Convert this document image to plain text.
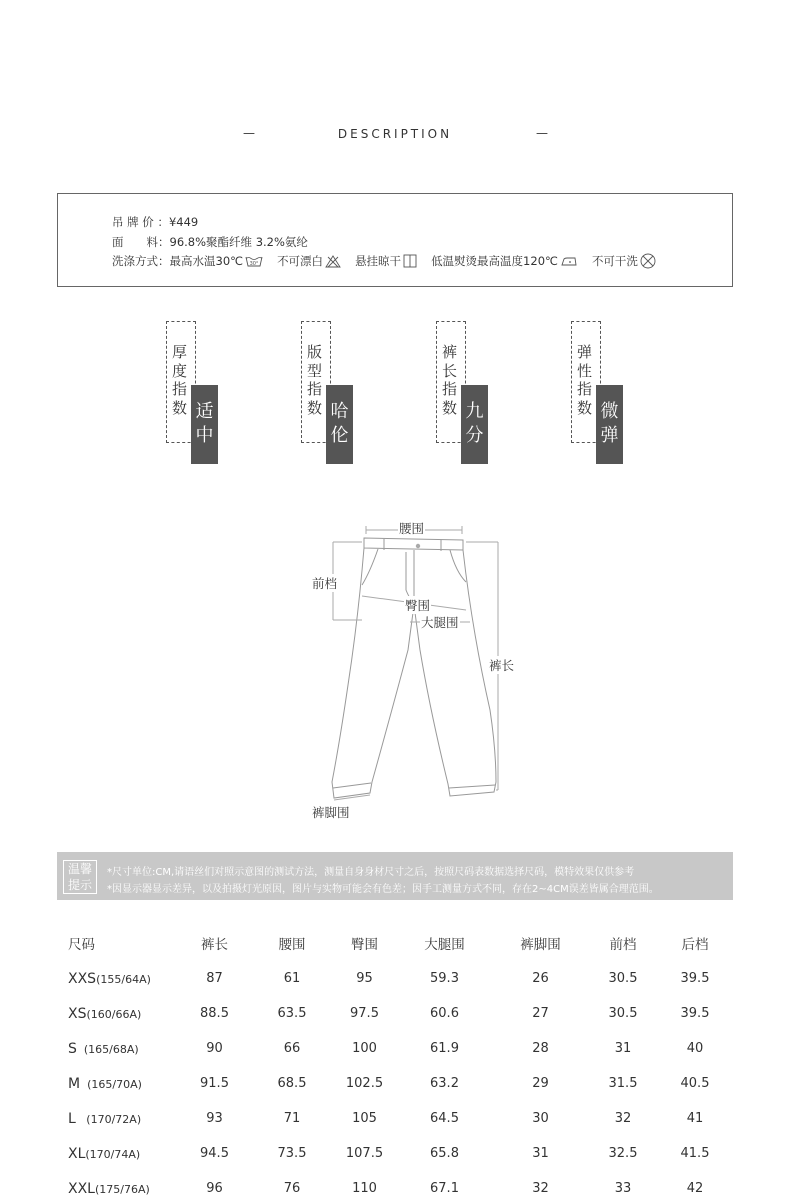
—	DESCRIPTION	—
吊 牌 价 ： ¥449
面　　料： 96.8%聚酯纤维 3.2%氨纶
洗涤方式： 最高水温30℃ 30° 不可漂白	悬挂晾干	低温熨烫最高温度120℃	不可干洗
厚度指数 适中
版型指数 哈伦
裤长指数 九分
弹性指数 微弹
腰围
前档
臀围
大腿围
裤长
裤脚围
温馨
提示
*尺寸单位:CM,请语丝们对照示意图的测试方法，测量自身身材尺寸之后，按照尺码表数据选择尺码，模特效果仅供参考
*因显示器显示差异，以及拍摄灯光原因，图片与实物可能会有色差；因手工测量方式不同，存在2~4CM误差皆属合理范围。
尺码	裤长	腰围	臀围	大腿围	裤脚围	前档	后档
XXS(155/64A)	87	61	95	59.3	26	30.5	39.5
XS(160/66A)	88.5	63.5	97.5	60.6	27	30.5	39.5
S  (165/68A)	90	66	100	61.9	28	31	40
M  (165/70A)	91.5	68.5	102.5	63.2	29	31.5	40.5
L   (170/72A)	93	71	105	64.5	30	32	41
XL(170/74A)	94.5	73.5	107.5	65.8	31	32.5	41.5
XXL(175/76A)	96	76	110	67.1	32	33	42
